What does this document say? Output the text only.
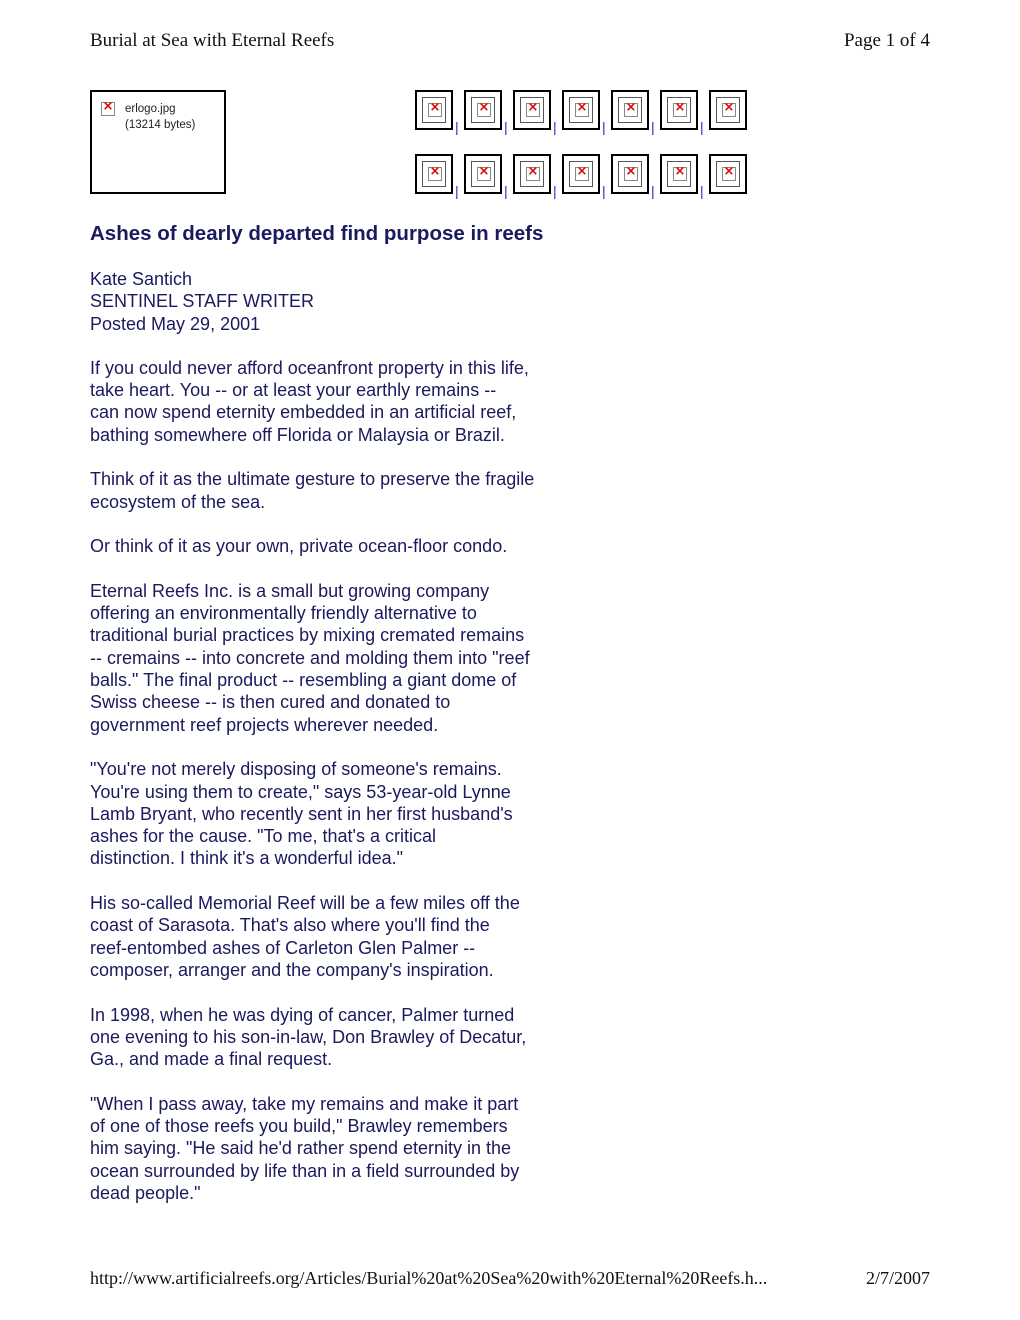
Burial at Sea with Eternal Reefs	Page 1 of 4
×
erlogo.jpg
(13214 bytes)
×	|
×	|
×	|
×	|
×	|
×	|
×
×
|
×	|
×	|
×	|
×	|
×	|
×
Ashes of dearly departed find purpose in reefs
Kate Santich
SENTINEL STAFF WRITER
Posted May 29, 2001
If you could never afford oceanfront property in this life,
take heart. You -- or at least your earthly remains --
can now spend eternity embedded in an artificial reef,
bathing somewhere off Florida or Malaysia or Brazil.
Think of it as the ultimate gesture to preserve the fragile
ecosystem of the sea.
Or think of it as your own, private ocean-floor condo.
Eternal Reefs Inc. is a small but growing company
offering an environmentally friendly alternative to
traditional burial practices by mixing cremated remains
-- cremains -- into concrete and molding them into "reef
balls." The final product -- resembling a giant dome of
Swiss cheese -- is then cured and donated to
government reef projects wherever needed.
"You're not merely disposing of someone's remains.
You're using them to create," says 53-year-old Lynne
Lamb Bryant, who recently sent in her first husband's
ashes for the cause. "To me, that's a critical
distinction. I think it's a wonderful idea."
His so-called Memorial Reef will be a few miles off the
coast of Sarasota. That's also where you'll find the
reef-entombed ashes of Carleton Glen Palmer --
composer, arranger and the company's inspiration.
In 1998, when he was dying of cancer, Palmer turned
one evening to his son-in-law, Don Brawley of Decatur,
Ga., and made a final request.
"When I pass away, take my remains and make it part
of one of those reefs you build," Brawley remembers
him saying. "He said he'd rather spend eternity in the
ocean surrounded by life than in a field surrounded by
dead people."
http://www.artificialreefs.org/Articles/Burial%20at%20Sea%20with%20Eternal%20Reefs.h...	2/7/2007
